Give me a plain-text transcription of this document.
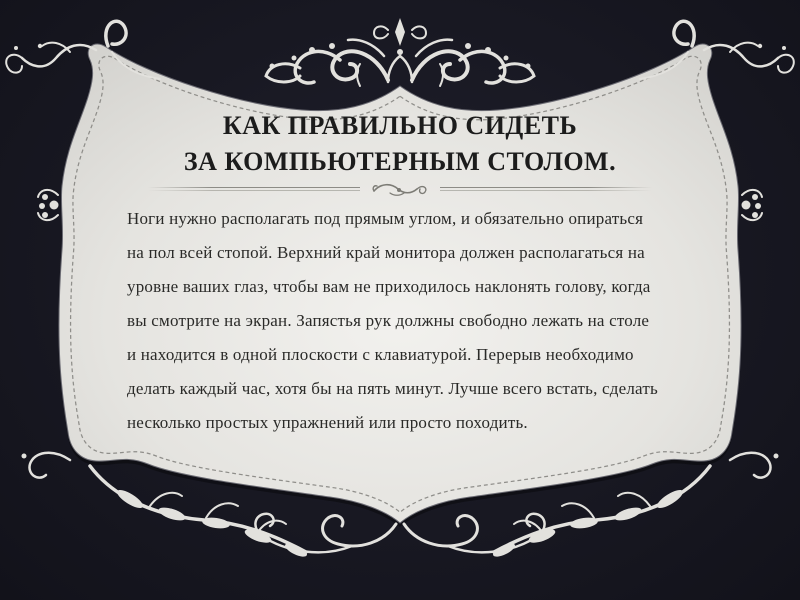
КАК ПРАВИЛЬНО СИДЕТЬ
ЗА КОМПЬЮТЕРНЫМ СТОЛОМ.
Ноги нужно располагать под прямым углом, и обязательно опираться
на пол всей стопой. Верхний край монитора должен располагаться на
уровне ваших глаз, чтобы вам не приходилось наклонять голову, когда
вы смотрите на экран. Запястья рук должны свободно лежать на столе
и находится в одной плоскости с клавиатурой. Перерыв необходимо
делать каждый час, хотя бы на пять минут. Лучше всего встать, сделать
несколько простых упражнений или просто походить.
